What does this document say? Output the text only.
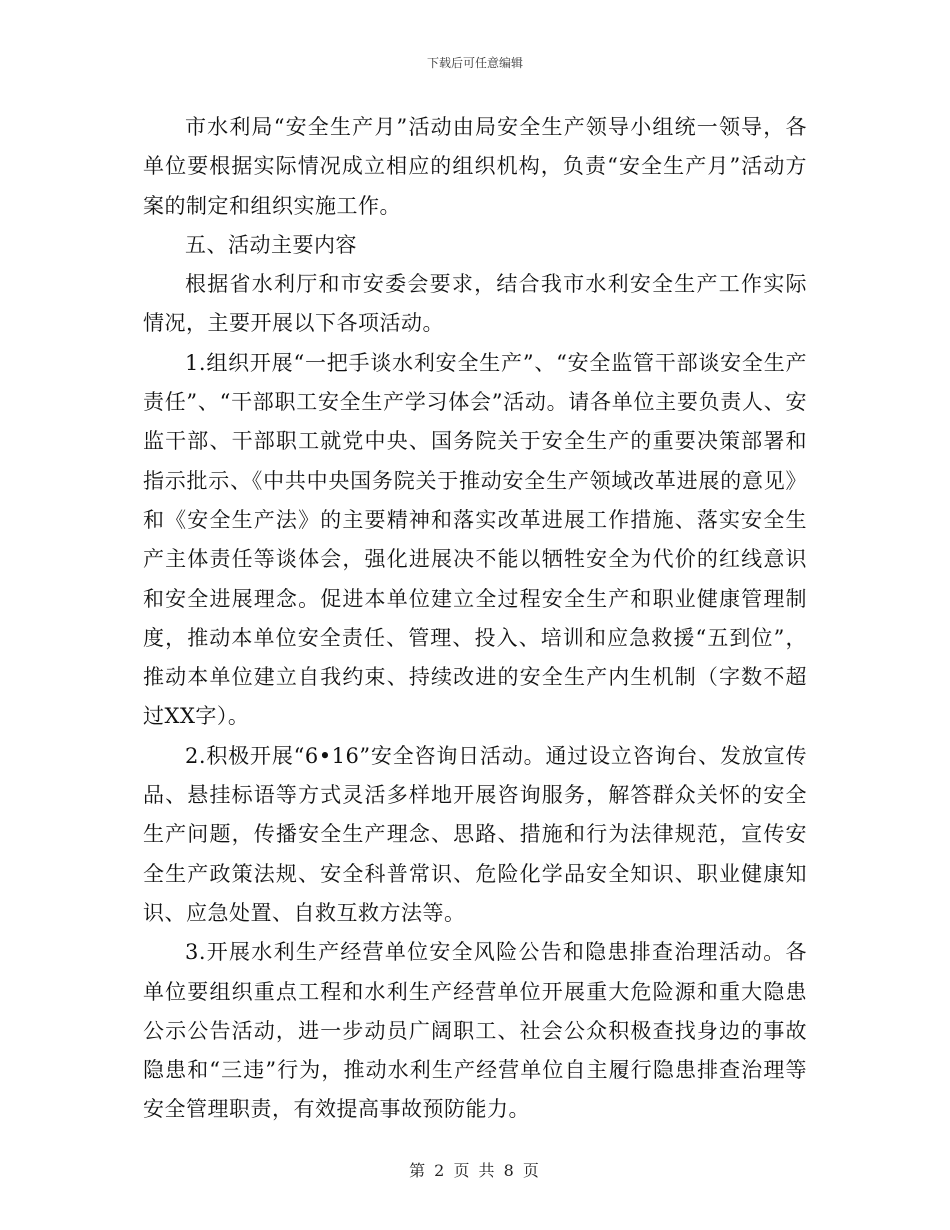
下载后可任意编辑

市水利局“安全生产月”活动由局安全生产领导小组统一领导，各单位要根据实际情况成立相应的组织机构，负责“安全生产月”活动方案的制定和组织实施工作。

五、活动主要内容

根据省水利厅和市安委会要求，结合我市水利安全生产工作实际情况，主要开展以下各项活动。

1.组织开展“一把手谈水利安全生产”、“安全监管干部谈安全生产责任”、“干部职工安全生产学习体会”活动。请各单位主要负责人、安监干部、干部职工就党中央、国务院关于安全生产的重要决策部署和指示批示、《中共中央国务院关于推动安全生产领域改革进展的意见》和《安全生产法》的主要精神和落实改革进展工作措施、落实安全生产主体责任等谈体会，强化进展决不能以牺牲安全为代价的红线意识和安全进展理念。促进本单位建立全过程安全生产和职业健康管理制度，推动本单位安全责任、管理、投入、培训和应急救援“五到位”，推动本单位建立自我约束、持续改进的安全生产内生机制（字数不超过XX字）。

2.积极开展“6•16”安全咨询日活动。通过设立咨询台、发放宣传品、悬挂标语等方式灵活多样地开展咨询服务，解答群众关怀的安全生产问题，传播安全生产理念、思路、措施和行为法律规范，宣传安全生产政策法规、安全科普常识、危险化学品安全知识、职业健康知识、应急处置、自救互救方法等。

3.开展水利生产经营单位安全风险公告和隐患排查治理活动。各单位要组织重点工程和水利生产经营单位开展重大危险源和重大隐患公示公告活动，进一步动员广阔职工、社会公众积极查找身边的事故隐患和“三违”行为，推动水利生产经营单位自主履行隐患排查治理等安全管理职责，有效提高事故预防能力。

第 2 页 共 8 页
